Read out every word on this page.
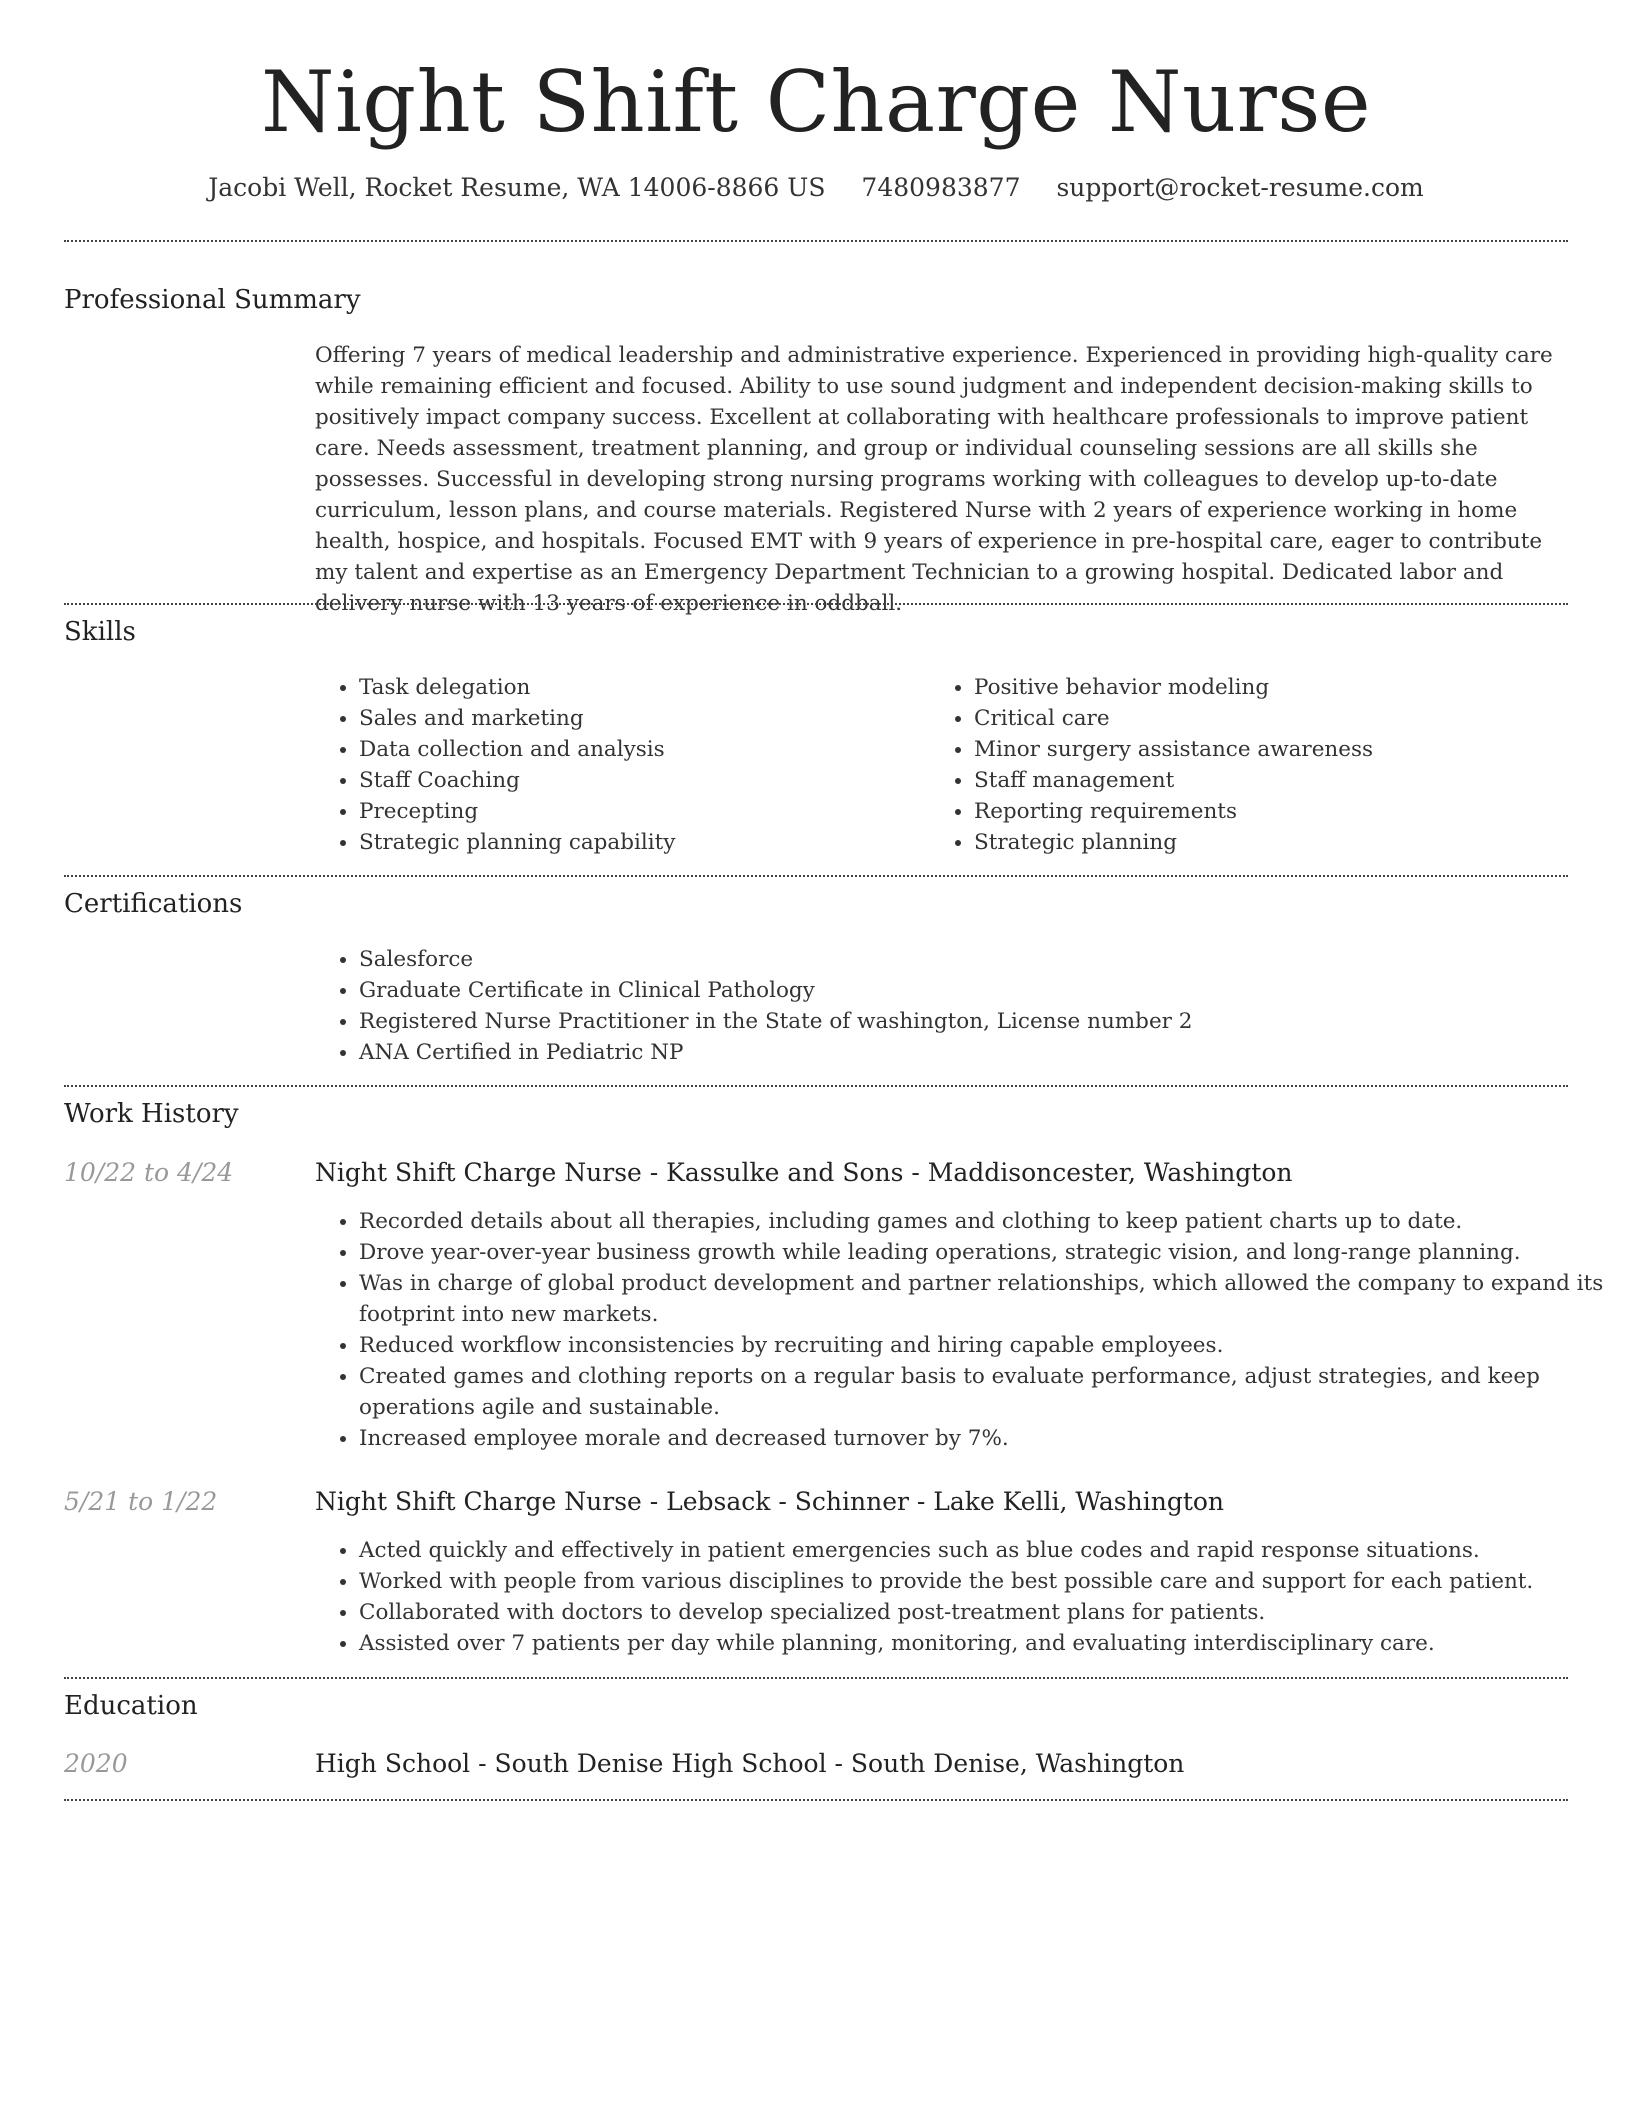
Night Shift Charge Nurse
Jacobi Well, Rocket Resume, WA 14006-8866 US 7480983877 support@rocket-resume.com
Professional Summary

Offering 7 years of medical leadership and administrative experience. Experienced in providing high-quality care while remaining efficient and focused. Ability to use sound judgment and independent decision-making skills to positively impact company success. Excellent at collaborating with healthcare professionals to improve patient care. Needs assessment, treatment planning, and group or individual counseling sessions are all skills she possesses. Successful in developing strong nursing programs working with colleagues to develop up-to-date curriculum, lesson plans, and course materials. Registered Nurse with 2 years of experience working in home health, hospice, and hospitals. Focused EMT with 9 years of experience in pre-hospital care, eager to contribute my talent and expertise as an Emergency Department Technician to a growing hospital. Dedicated labor and delivery nurse with 13 years of experience in oddball.

Skills
• Task delegation
• Sales and marketing
• Data collection and analysis
• Staff Coaching
• Precepting
• Strategic planning capability
• Positive behavior modeling
• Critical care
• Minor surgery assistance awareness
• Staff management
• Reporting requirements
• Strategic planning
Certifications
• Salesforce
• Graduate Certificate in Clinical Pathology
• Registered Nurse Practitioner in the State of washington, License number 2
• ANA Certified in Pediatric NP
Work History
10/22 to 4/24	Night Shift Charge Nurse - Kassulke and Sons - Maddisoncester, Washington
• Recorded details about all therapies, including games and clothing to keep patient charts up to date.
• Drove year-over-year business growth while leading operations, strategic vision, and long-range planning.
• Was in charge of global product development and partner relationships, which allowed the company to expand its footprint into new markets.
• Reduced workflow inconsistencies by recruiting and hiring capable employees.
• Created games and clothing reports on a regular basis to evaluate performance, adjust strategies, and keep operations agile and sustainable.
• Increased employee morale and decreased turnover by 7%.
5/21 to 1/22	Night Shift Charge Nurse - Lebsack - Schinner - Lake Kelli, Washington
• Acted quickly and effectively in patient emergencies such as blue codes and rapid response situations.
• Worked with people from various disciplines to provide the best possible care and support for each patient.
• Collaborated with doctors to develop specialized post-treatment plans for patients.
• Assisted over 7 patients per day while planning, monitoring, and evaluating interdisciplinary care.
Education
2020	High School - South Denise High School - South Denise, Washington
